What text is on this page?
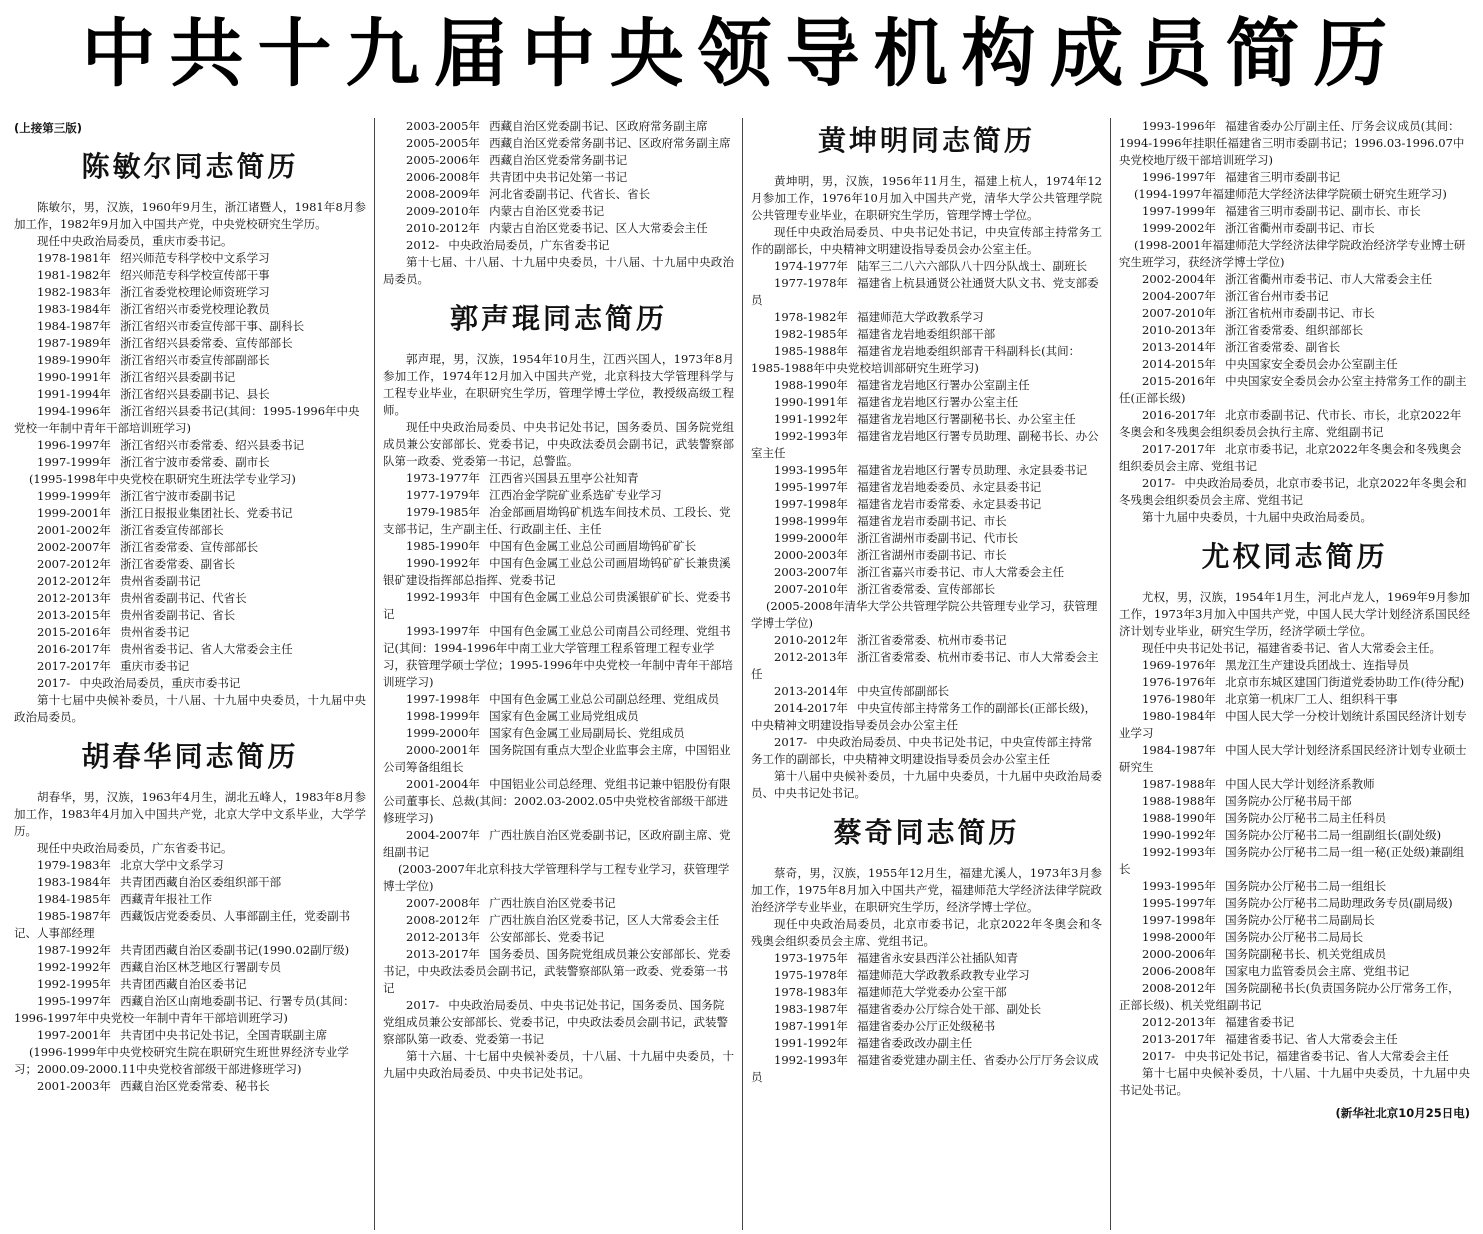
中共十九届中央领导机构成员简历
(上接第三版)
陈敏尔同志简历

陈敏尔，男，汉族，1960年9月生，浙江诸暨人，1981年8月参加工作，1982年9月加入中国共产党，中央党校研究生学历。

现任中央政治局委员，重庆市委书记。

1978-1981年 绍兴师范专科学校中文系学习

1981-1982年 绍兴师范专科学校宣传部干事

1982-1983年 浙江省委党校理论师资班学习

1983-1984年 浙江省绍兴市委党校理论教员

1984-1987年 浙江省绍兴市委宣传部干事、副科长

1987-1989年 浙江省绍兴县委常委、宣传部部长

1989-1990年 浙江省绍兴市委宣传部副部长

1990-1991年 浙江省绍兴县委副书记

1991-1994年 浙江省绍兴县委副书记、县长

1994-1996年 浙江省绍兴县委书记(其间：1995-1996年中央党校一年制中青年干部培训班学习)

1996-1997年 浙江省绍兴市委常委、绍兴县委书记

1997-1999年 浙江省宁波市委常委、副市长

(1995-1998年中央党校在职研究生班法学专业学习)

1999-1999年 浙江省宁波市委副书记

1999-2001年 浙江日报报业集团社长、党委书记

2001-2002年 浙江省委宣传部部长

2002-2007年 浙江省委常委、宣传部部长

2007-2012年 浙江省委常委、副省长

2012-2012年 贵州省委副书记

2012-2013年 贵州省委副书记、代省长

2013-2015年 贵州省委副书记、省长

2015-2016年 贵州省委书记

2016-2017年 贵州省委书记、省人大常委会主任

2017-2017年 重庆市委书记

2017- 中央政治局委员，重庆市委书记

第十七届中央候补委员，十八届、十九届中央委员，十九届中央政治局委员。

胡春华同志简历

胡春华，男，汉族，1963年4月生，湖北五峰人，1983年8月参加工作，1983年4月加入中国共产党，北京大学中文系毕业，大学学历。

现任中央政治局委员，广东省委书记。

1979-1983年 北京大学中文系学习

1983-1984年 共青团西藏自治区委组织部干部

1984-1985年 西藏青年报社工作

1985-1987年 西藏饭店党委委员、人事部副主任，党委副书记、人事部经理

1987-1992年 共青团西藏自治区委副书记(1990.02副厅级)

1992-1992年 西藏自治区林芝地区行署副专员

1992-1995年 共青团西藏自治区委书记

1995-1997年 西藏自治区山南地委副书记、行署专员(其间：1996-1997年中央党校一年制中青年干部培训班学习)

1997-2001年 共青团中央书记处书记，全国青联副主席

(1996-1999年中央党校研究生院在职研究生班世界经济专业学习；2000.09-2000.11中央党校省部级干部进修班学习)

2001-2003年 西藏自治区党委常委、秘书长

2003-2005年 西藏自治区党委副书记、区政府常务副主席

2005-2005年 西藏自治区党委常务副书记、区政府常务副主席

2005-2006年 西藏自治区党委常务副书记

2006-2008年 共青团中央书记处第一书记

2008-2009年 河北省委副书记、代省长、省长

2009-2010年 内蒙古自治区党委书记

2010-2012年 内蒙古自治区党委书记、区人大常委会主任

2012- 中央政治局委员，广东省委书记

第十七届、十八届、十九届中央委员，十八届、十九届中央政治局委员。

郭声琨同志简历

郭声琨，男，汉族，1954年10月生，江西兴国人，1973年8月参加工作，1974年12月加入中国共产党，北京科技大学管理科学与工程专业毕业，在职研究生学历，管理学博士学位，教授级高级工程师。

现任中央政治局委员、中央书记处书记，国务委员、国务院党组成员兼公安部部长、党委书记，中央政法委员会副书记，武装警察部队第一政委、党委第一书记，总警监。

1973-1977年 江西省兴国县五里亭公社知青

1977-1979年 江西冶金学院矿业系选矿专业学习

1979-1985年 冶金部画眉坳钨矿机选车间技术员、工段长、党支部书记，生产副主任、行政副主任、主任

1985-1990年 中国有色金属工业总公司画眉坳钨矿矿长

1990-1992年 中国有色金属工业总公司画眉坳钨矿矿长兼贵溪银矿建设指挥部总指挥、党委书记

1992-1993年 中国有色金属工业总公司贵溪银矿矿长、党委书记

1993-1997年 中国有色金属工业总公司南昌公司经理、党组书记(其间：1994-1996年中南工业大学管理工程系管理工程专业学习，获管理学硕士学位；1995-1996年中央党校一年制中青年干部培训班学习)

1997-1998年 中国有色金属工业总公司副总经理、党组成员

1998-1999年 国家有色金属工业局党组成员

1999-2000年 国家有色金属工业局副局长、党组成员

2000-2001年 国务院国有重点大型企业监事会主席，中国铝业公司筹备组组长

2001-2004年 中国铝业公司总经理、党组书记兼中铝股份有限公司董事长、总裁(其间：2002.03-2002.05中央党校省部级干部进修班学习)

2004-2007年 广西壮族自治区党委副书记，区政府副主席、党组副书记

(2003-2007年北京科技大学管理科学与工程专业学习，获管理学博士学位)

2007-2008年 广西壮族自治区党委书记

2008-2012年 广西壮族自治区党委书记，区人大常委会主任

2012-2013年 公安部部长、党委书记

2013-2017年 国务委员、国务院党组成员兼公安部部长、党委书记，中央政法委员会副书记，武装警察部队第一政委、党委第一书记

2017- 中央政治局委员、中央书记处书记，国务委员、国务院党组成员兼公安部部长、党委书记，中央政法委员会副书记，武装警察部队第一政委、党委第一书记

第十六届、十七届中央候补委员，十八届、十九届中央委员，十九届中央政治局委员、中央书记处书记。

黄坤明同志简历

黄坤明，男，汉族，1956年11月生，福建上杭人，1974年12月参加工作，1976年10月加入中国共产党，清华大学公共管理学院公共管理专业毕业，在职研究生学历，管理学博士学位。

现任中央政治局委员、中央书记处书记，中央宣传部主持常务工作的副部长，中央精神文明建设指导委员会办公室主任。

1974-1977年 陆军三二八六六部队八十四分队战士、副班长

1977-1978年 福建省上杭县通贤公社通贤大队文书、党支部委员

1978-1982年 福建师范大学政教系学习

1982-1985年 福建省龙岩地委组织部干部

1985-1988年 福建省龙岩地委组织部青干科副科长(其间：1985-1988年中央党校培训部研究生班学习)

1988-1990年 福建省龙岩地区行署办公室副主任

1990-1991年 福建省龙岩地区行署办公室主任

1991-1992年 福建省龙岩地区行署副秘书长、办公室主任

1992-1993年 福建省龙岩地区行署专员助理、副秘书长、办公室主任

1993-1995年 福建省龙岩地区行署专员助理、永定县委书记

1995-1997年 福建省龙岩地委委员、永定县委书记

1997-1998年 福建省龙岩市委常委、永定县委书记

1998-1999年 福建省龙岩市委副书记、市长

1999-2000年 浙江省湖州市委副书记、代市长

2000-2003年 浙江省湖州市委副书记、市长

2003-2007年 浙江省嘉兴市委书记、市人大常委会主任

2007-2010年 浙江省委常委、宣传部部长

(2005-2008年清华大学公共管理学院公共管理专业学习，获管理学博士学位)

2010-2012年 浙江省委常委、杭州市委书记

2012-2013年 浙江省委常委、杭州市委书记、市人大常委会主任

2013-2014年 中央宣传部副部长

2014-2017年 中央宣传部主持常务工作的副部长(正部长级)，中央精神文明建设指导委员会办公室主任

2017- 中央政治局委员、中央书记处书记，中央宣传部主持常务工作的副部长，中央精神文明建设指导委员会办公室主任

第十八届中央候补委员，十九届中央委员，十九届中央政治局委员、中央书记处书记。

蔡奇同志简历

蔡奇，男，汉族，1955年12月生，福建尤溪人，1973年3月参加工作，1975年8月加入中国共产党，福建师范大学经济法律学院政治经济学专业毕业，在职研究生学历，经济学博士学位。

现任中央政治局委员，北京市委书记，北京2022年冬奥会和冬残奥会组织委员会主席、党组书记。

1973-1975年 福建省永安县西洋公社插队知青

1975-1978年 福建师范大学政教系政教专业学习

1978-1983年 福建师范大学党委办公室干部

1983-1987年 福建省委办公厅综合处干部、副处长

1987-1991年 福建省委办公厅正处级秘书

1991-1992年 福建省委政改办副主任

1992-1993年 福建省委党建办副主任、省委办公厅厅务会议成员

1993-1996年 福建省委办公厅副主任、厅务会议成员(其间：1994-1996年挂职任福建省三明市委副书记；1996.03-1996.07中央党校地厅级干部培训班学习)

1996-1997年 福建省三明市委副书记

(1994-1997年福建师范大学经济法律学院硕士研究生班学习)

1997-1999年 福建省三明市委副书记、副市长、市长

1999-2002年 浙江省衢州市委副书记、市长

(1998-2001年福建师范大学经济法律学院政治经济学专业博士研究生班学习，获经济学博士学位)

2002-2004年 浙江省衢州市委书记、市人大常委会主任

2004-2007年 浙江省台州市委书记

2007-2010年 浙江省杭州市委副书记、市长

2010-2013年 浙江省委常委、组织部部长

2013-2014年 浙江省委常委、副省长

2014-2015年 中央国家安全委员会办公室副主任

2015-2016年 中央国家安全委员会办公室主持常务工作的副主任(正部长级)

2016-2017年 北京市委副书记、代市长、市长，北京2022年冬奥会和冬残奥会组织委员会执行主席、党组副书记

2017-2017年 北京市委书记，北京2022年冬奥会和冬残奥会组织委员会主席、党组书记

2017- 中央政治局委员，北京市委书记，北京2022年冬奥会和冬残奥会组织委员会主席、党组书记

第十九届中央委员，十九届中央政治局委员。

尤权同志简历

尤权，男，汉族，1954年1月生，河北卢龙人，1969年9月参加工作，1973年3月加入中国共产党，中国人民大学计划经济系国民经济计划专业毕业，研究生学历，经济学硕士学位。

现任中央书记处书记，福建省委书记、省人大常委会主任。

1969-1976年 黑龙江生产建设兵团战士、连指导员

1976-1976年 北京市东城区建国门街道党委协助工作(待分配)

1976-1980年 北京第一机床厂工人、组织科干事

1980-1984年 中国人民大学一分校计划统计系国民经济计划专业学习

1984-1987年 中国人民大学计划经济系国民经济计划专业硕士研究生

1987-1988年 中国人民大学计划经济系教师

1988-1988年 国务院办公厅秘书局干部

1988-1990年 国务院办公厅秘书二局主任科员

1990-1992年 国务院办公厅秘书二局一组副组长(副处级)

1992-1993年 国务院办公厅秘书二局一组一秘(正处级)兼副组长

1993-1995年 国务院办公厅秘书二局一组组长

1995-1997年 国务院办公厅秘书二局助理政务专员(副局级)

1997-1998年 国务院办公厅秘书二局副局长

1998-2000年 国务院办公厅秘书二局局长

2000-2006年 国务院副秘书长、机关党组成员

2006-2008年 国家电力监管委员会主席、党组书记

2008-2012年 国务院副秘书长(负责国务院办公厅常务工作，正部长级)、机关党组副书记

2012-2013年 福建省委书记

2013-2017年 福建省委书记、省人大常委会主任

2017- 中央书记处书记，福建省委书记、省人大常委会主任

第十七届中央候补委员，十八届、十九届中央委员，十九届中央书记处书记。

(新华社北京10月25日电)
